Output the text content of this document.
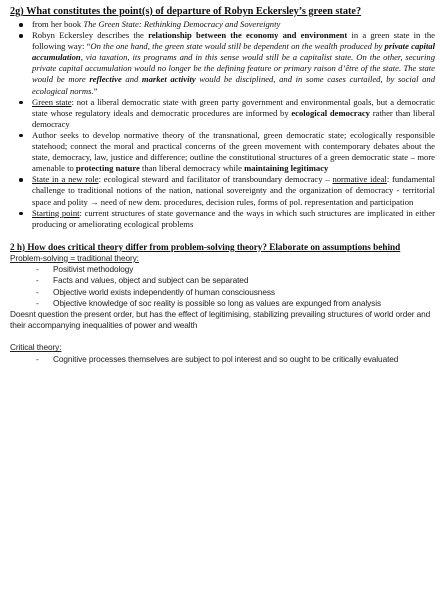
2g) What constitutes the point(s) of departure of Robyn Eckersley’s green state?
from her book The Green State: Rethinking Democracy and Sovereignty
Robyn Eckersley describes the relationship between the economy and environment in a green state in the following way: “On the one hand, the green state would still be dependent on the wealth produced by private capital accumulation, via taxation, its programs and in this sense would still be a capitalist state. On the other, securing private capital accumulation would no longer be the defining feature or primary raison d’être of the state. The state would be more reflective and market activity would be disciplined, and in some cases curtailed, by social and ecological norms.”
Green state: not a liberal democratic state with green party government and environmental goals, but a democratic state whose regulatory ideals and democratic procedures are informed by ecological democracy rather than liberal democracy
Author seeks to develop normative theory of the transnational, green democratic state; ecologically responsible statehood; connect the moral and practical concerns of the green movement with contemporary debates about the state, democracy, law, justice and difference; outline the constitutional structures of a green democratic state – more amenable to protecting nature than liberal democracy while maintaining legitimacy
State in a new role: ecological steward and facilitator of transboundary democracy – normative ideal: fundamental challenge to traditional notions of the nation, national sovereignty and the organization of democracy - territorial space and polity → need of new dem. procedures, decision rules, forms of pol. representation and participation
Starting point: current structures of state governance and the ways in which such structures are implicated in either producing or ameliorating ecological problems
2 h) How does critical theory differ from problem-solving theory? Elaborate on assumptions behind
Problem-solving = traditional theory:
- Positivist methodology
- Facts and values, object and subject can be separated
- Objective world exists independently of human consciousness
- Objective knowledge of soc reality is possible so long as values are expunged from analysis
Doesnt question the present order, but has the effect of legitimising, stabilizing prevailing structures of world order and their accompanying inequalities of power and wealth
Critical theory:
- Cognitive processes themselves are subject to pol interest and so ought to be critically evaluated
